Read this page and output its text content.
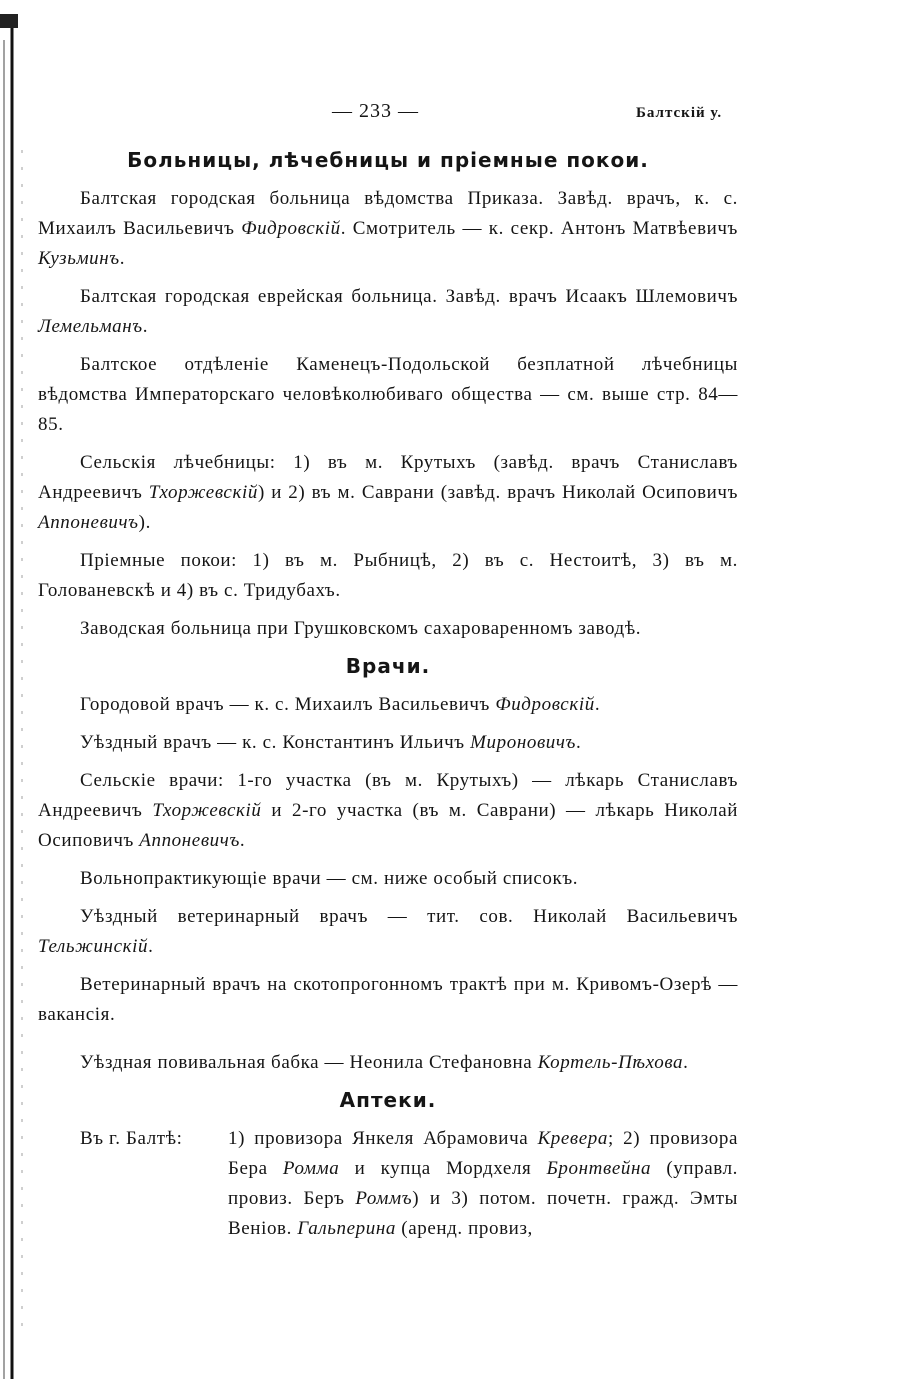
— 233 —	Балтскій у.
Больницы, лѣчебницы и пріемные покои.

Балтская городская больница вѣдомства Приказа. Завѣд. врачъ, к. с. Михаилъ Васильевичъ Фидровскій. Смотритель — к. секр. Антонъ Матвѣевичъ Кузьминъ.

Балтская городская еврейская больница. Завѣд. врачъ Исаакъ Шлемовичъ Лемельманъ.

Балтское отдѣленіе Каменецъ-Подольской безплатной лѣчебницы вѣдомства Императорскаго человѣколюбиваго общества — см. выше стр. 84—85.

Сельскія лѣчебницы: 1) въ м. Крутыхъ (завѣд. врачъ Станиславъ Андреевичъ Тхоржевскій) и 2) въ м. Саврани (завѣд. врачъ Николай Осиповичъ Аппоневичъ).

Пріемные покои: 1) въ м. Рыбницѣ, 2) въ с. Нестоитѣ, 3) въ м. Голованевскѣ и 4) въ с. Тридубахъ.

Заводская больница при Грушковскомъ сахароваренномъ заводѣ.

Врачи.

Городовой врачъ — к. с. Михаилъ Васильевичъ Фидровскій.

Уѣздный врачъ — к. с. Константинъ Ильичъ Мироновичъ.

Сельскіе врачи: 1-го участка (въ м. Крутыхъ) — лѣкарь Станиславъ Андреевичъ Тхоржевскій и 2-го участка (въ м. Саврани) — лѣкарь Николай Осиповичъ Аппоневичъ.

Вольнопрактикующіе врачи — см. ниже особый списокъ.

Уѣздный ветеринарный врачъ — тит. сов. Николай Васильевичъ Тельжинскій.

Ветеринарный врачъ на скотопрогонномъ трактѣ при м. Кривомъ-Озерѣ — вакансія.

Уѣздная повивальная бабка — Неонила Стефановна Кортель-Пѣхова.

Аптеки.
Въ г. Балтѣ:	1) провизора Янкеля Абрамовича Кревера; 2) провизора Бера Ромма и купца Мордхеля Бронтвейна (управл. провиз. Беръ Роммъ) и 3) потом. почетн. гражд. Эмты Веніов. Гальперина (аренд. провиз,
